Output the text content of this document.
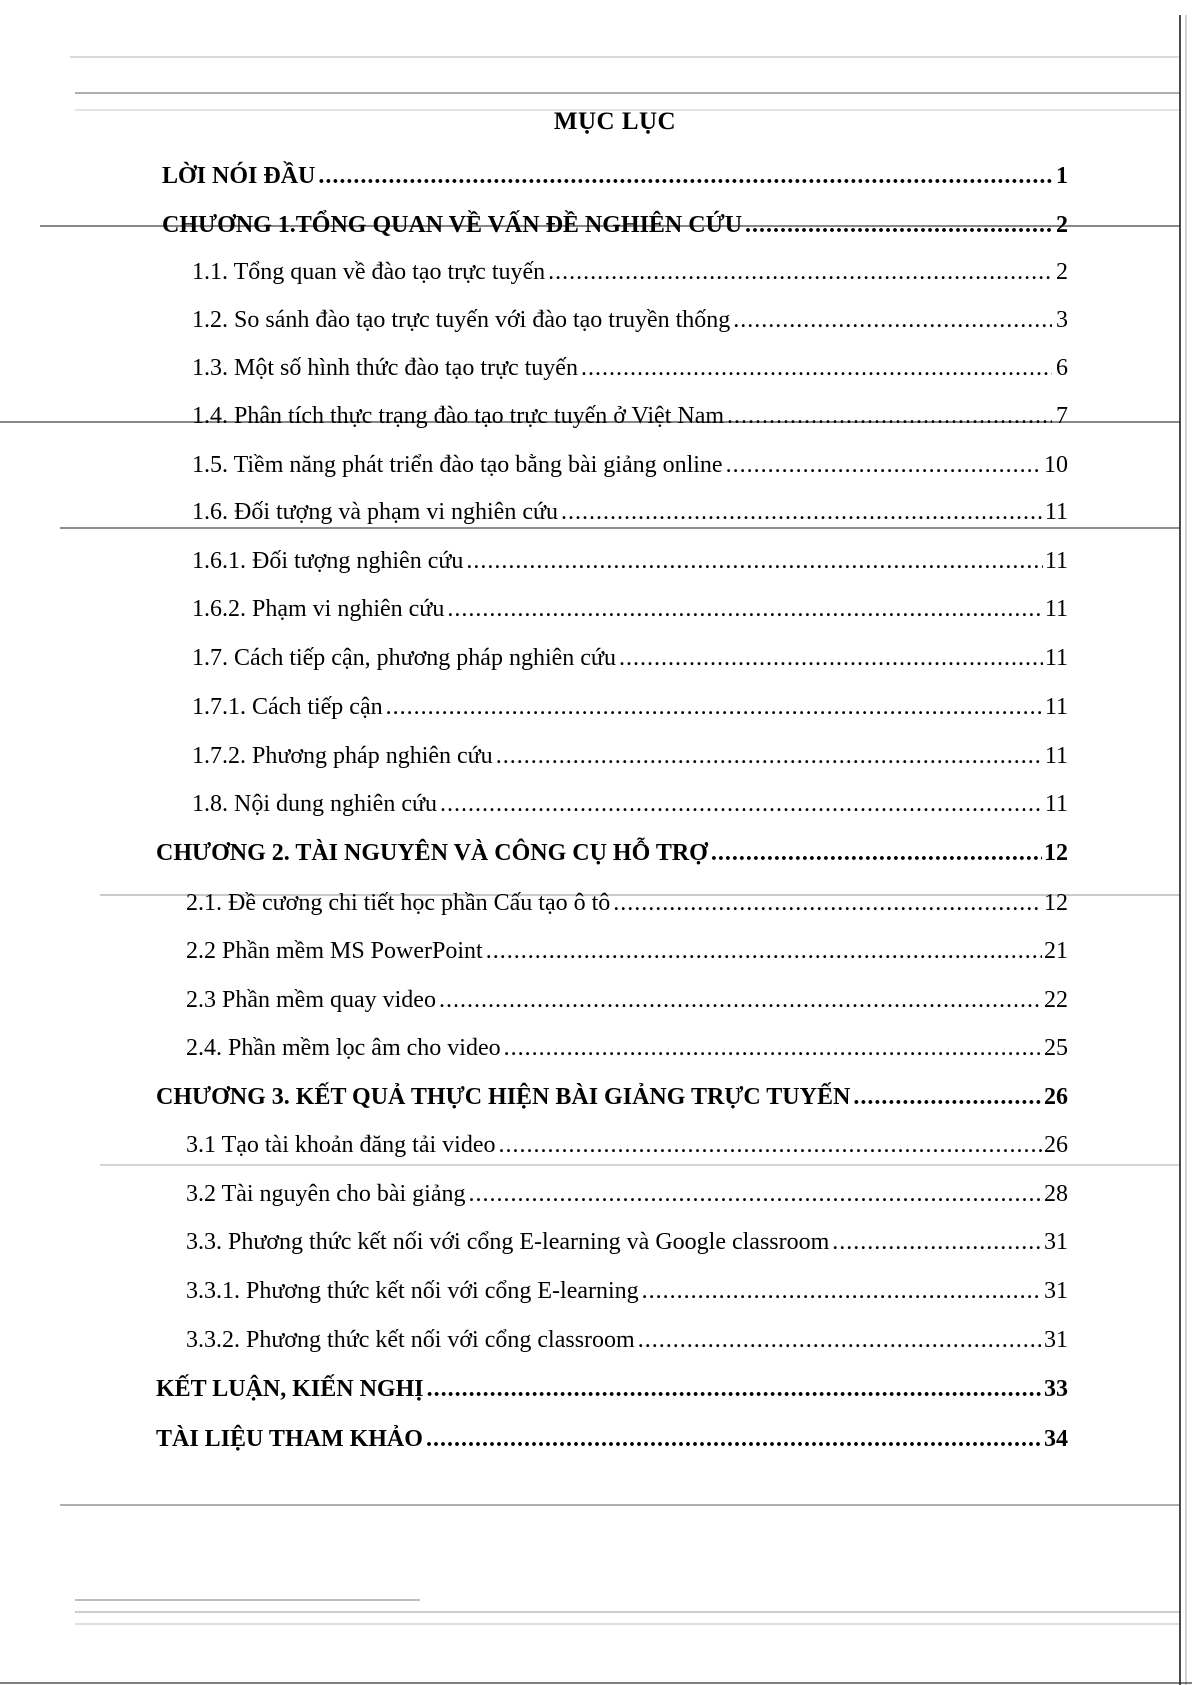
MỤC LỤC
LỜI NÓI ĐẦU .....	1
CHƯƠNG 1.TỔNG QUAN VỀ VẤN ĐỀ NGHIÊN CỨU .....	2
1.1. Tổng quan về đào tạo trực tuyến .....	2
1.2. So sánh đào tạo trực tuyến với đào tạo truyền thống .....	3
1.3. Một số hình thức đào tạo trực tuyến .....	6
1.4. Phân tích thực trạng đào tạo trực tuyến ở Việt Nam .....	7
1.5. Tiềm năng phát triển đào tạo bằng bài giảng online .....	10
1.6. Đối tượng và phạm vi nghiên cứu .....	11
1.6.1. Đối tượng nghiên cứu .....	11
1.6.2. Phạm vi nghiên cứu .....	11
1.7. Cách tiếp cận, phương pháp nghiên cứu .....	11
1.7.1. Cách tiếp cận .....	11
1.7.2. Phương pháp nghiên cứu .....	11
1.8. Nội dung nghiên cứu .....	11
CHƯƠNG 2. TÀI NGUYÊN VÀ CÔNG CỤ HỖ TRỢ .....	12
2.1. Đề cương chi tiết học phần Cấu tạo ô tô .....	12
2.2 Phần mềm MS PowerPoint .....	21
2.3 Phần mềm quay video .....	22
2.4. Phần mềm lọc âm cho video .....	25
CHƯƠNG 3. KẾT QUẢ THỰC HIỆN BÀI GIẢNG TRỰC TUYẾN .....	26
3.1 Tạo tài khoản đăng tải video .....	26
3.2 Tài nguyên cho bài giảng .....	28
3.3. Phương thức kết nối với cổng E-learning và Google classroom .....	31
3.3.1. Phương thức kết nối với cổng E-learning .....	31
3.3.2. Phương thức kết nối với cổng classroom .....	31
KẾT LUẬN, KIẾN NGHỊ .....	33
TÀI LIỆU THAM KHẢO .....	34
